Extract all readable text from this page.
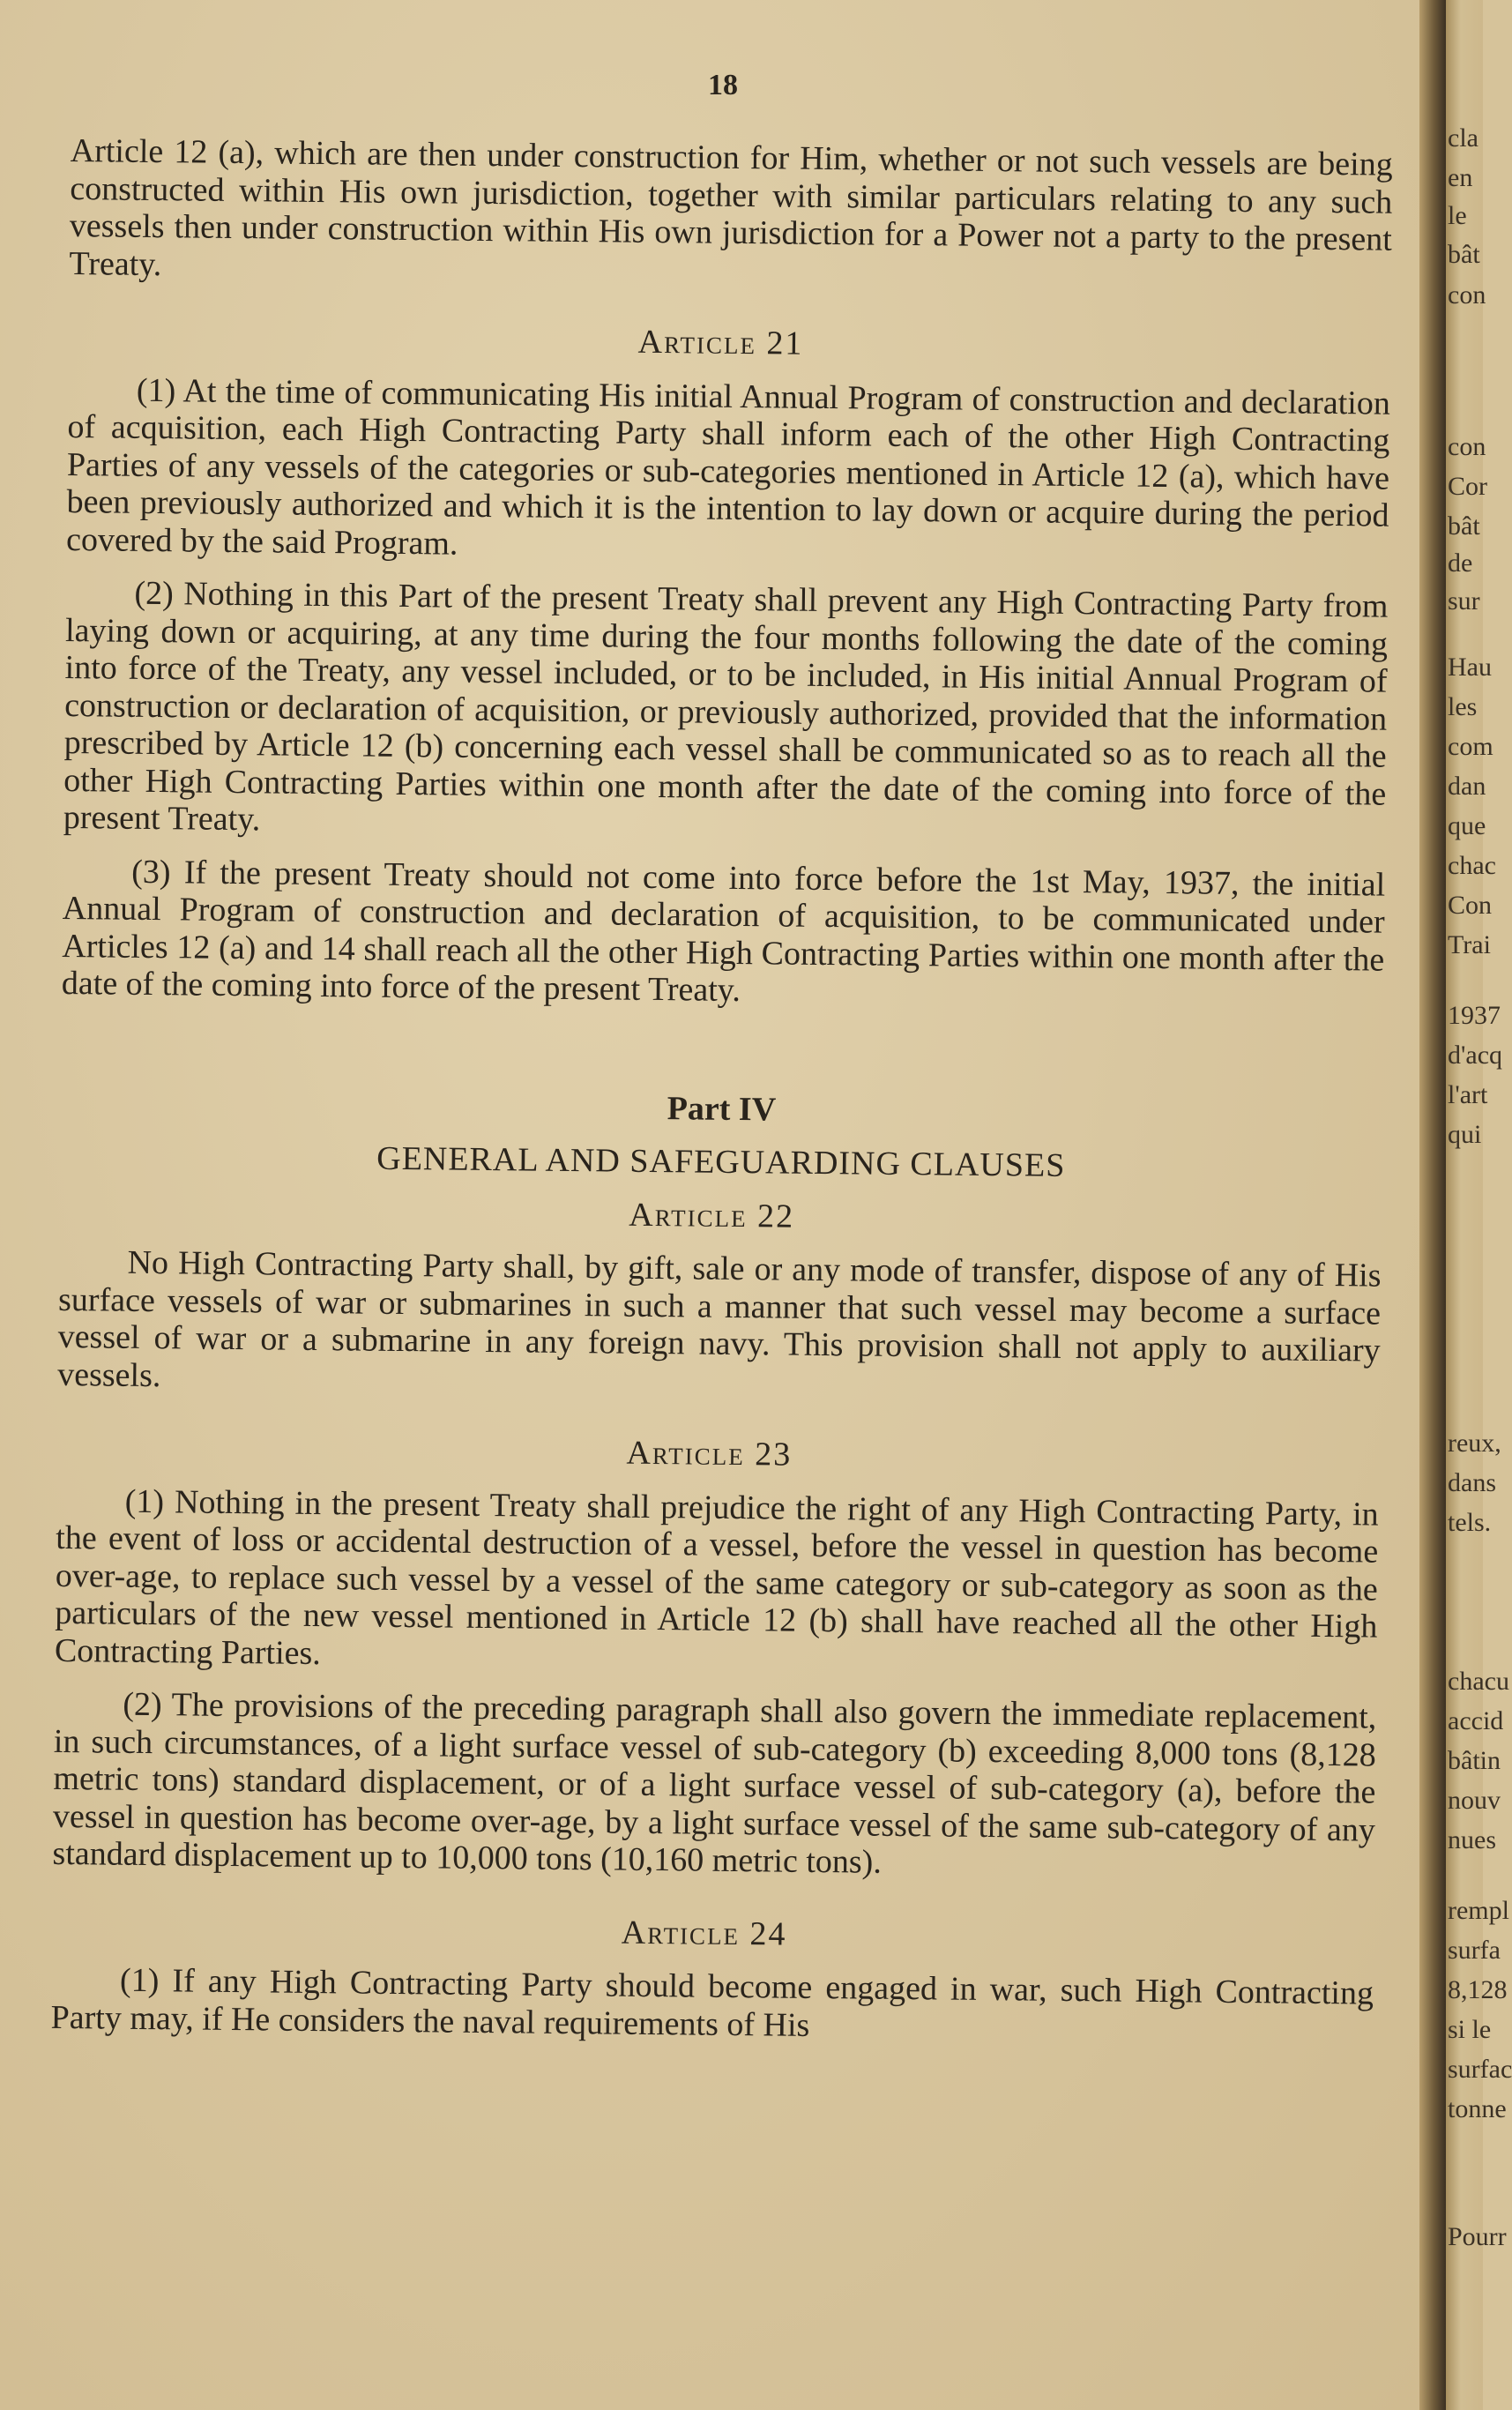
18

Article 12 (a), which are then under construction for Him, whether or not such vessels are being constructed within His own jurisdiction, together with similar particulars relating to any such vessels then under construction within His own jurisdiction for a Power not a party to the present Treaty.

Article 21

(1) At the time of communicating His initial Annual Program of construction and declaration of acquisition, each High Contracting Party shall inform each of the other High Contracting Parties of any vessels of the categories or sub-categories mentioned in Article 12 (a), which have been previously authorized and which it is the intention to lay down or acquire during the period covered by the said Program.

(2) Nothing in this Part of the present Treaty shall prevent any High Contracting Party from laying down or acquiring, at any time during the four months following the date of the coming into force of the Treaty, any vessel included, or to be included, in His initial Annual Program of construction or declaration of acquisition, or previously authorized, provided that the information prescribed by Article 12 (b) concerning each vessel shall be communicated so as to reach all the other High Contracting Parties within one month after the date of the coming into force of the present Treaty.

(3) If the present Treaty should not come into force before the 1st May, 1937, the initial Annual Program of construction and declaration of acquisition, to be communicated under Articles 12 (a) and 14 shall reach all the other High Contracting Parties within one month after the date of the coming into force of the present Treaty.

Part IV

GENERAL AND SAFEGUARDING CLAUSES

Article 22

No High Contracting Party shall, by gift, sale or any mode of transfer, dispose of any of His surface vessels of war or submarines in such a manner that such vessel may become a surface vessel of war or a submarine in any foreign navy. This provision shall not apply to auxiliary vessels.

Article 23

(1) Nothing in the present Treaty shall prejudice the right of any High Contracting Party, in the event of loss or accidental destruction of a vessel, before the vessel in question has become over-age, to replace such vessel by a vessel of the same category or sub-category as soon as the particulars of the new vessel mentioned in Article 12 (b) shall have reached all the other High Contracting Parties.

(2) The provisions of the preceding paragraph shall also govern the immediate replacement, in such circumstances, of a light surface vessel of sub-category (b) exceeding 8,000 tons (8,128 metric tons) standard displacement, or of a light surface vessel of sub-category (a), before the vessel in question has become over-age, by a light surface vessel of the same sub-category of any standard displacement up to 10,000 tons (10,160 metric tons).

Article 24

(1) If any High Contracting Party should become engaged in war, such High Contracting Party may, if He considers the naval requirements of His

cla
en
le
bât
con
con
Cor
bât
de
sur
Hau
les
com
dan
que
chac
Con
Trai
1937
d'acq
l'art
qui
reux,
dans
tels.
chacu
accid
bâtin
nouv
nues
rempl
surfa
8,128
si le
surfac
tonne
Pourr
